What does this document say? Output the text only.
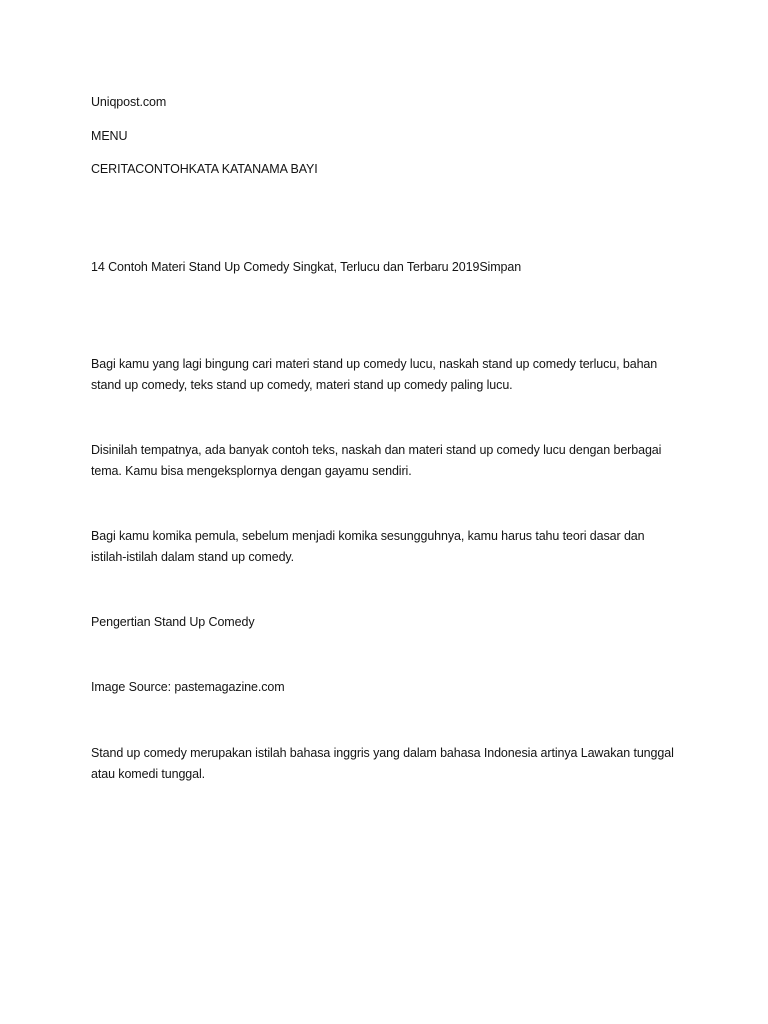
Uniqpost.com
MENU
CERITACONTOHKATA KATANAMA BAYI
14 Contoh Materi Stand Up Comedy Singkat, Terlucu dan Terbaru 2019Simpan
Bagi kamu yang lagi bingung cari materi stand up comedy lucu, naskah stand up comedy terlucu, bahan stand up comedy, teks stand up comedy, materi stand up comedy paling lucu.
Disinilah tempatnya, ada banyak contoh teks, naskah dan materi stand up comedy lucu dengan berbagai tema. Kamu bisa mengeksplornya dengan gayamu sendiri.
Bagi kamu komika pemula, sebelum menjadi komika sesungguhnya, kamu harus tahu teori dasar dan istilah-istilah dalam stand up comedy.
Pengertian Stand Up Comedy
Image Source: pastemagazine.com
Stand up comedy merupakan istilah bahasa inggris yang dalam bahasa Indonesia artinya Lawakan tunggal atau komedi tunggal.
